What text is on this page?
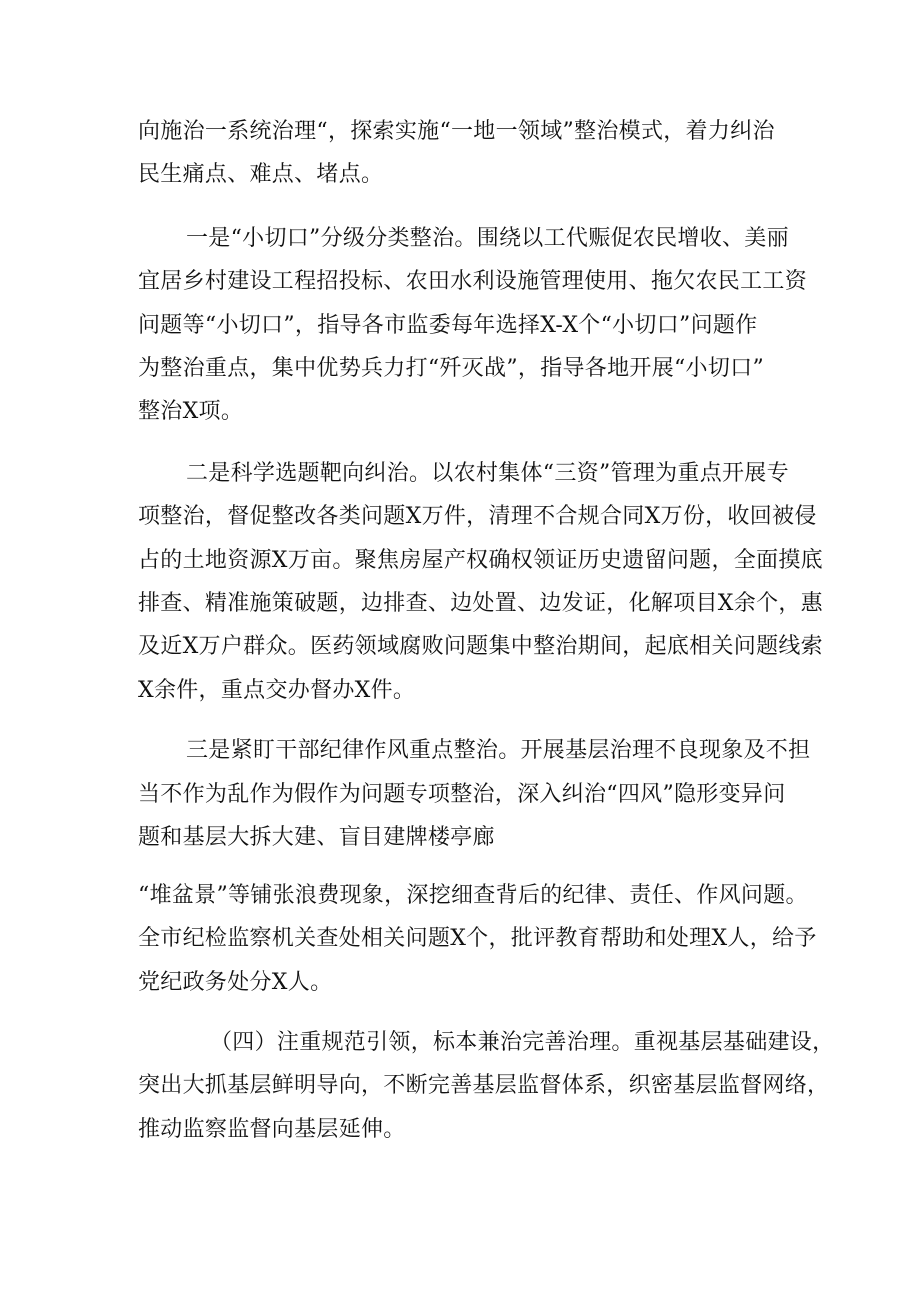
向施治一系统治理“，探索实施“一地一领域”整治模式，着力纠治
民生痛点、难点、堵点。
一是“小切口”分级分类整治。围绕以工代赈促农民增收、美丽
宜居乡村建设工程招投标、农田水利设施管理使用、拖欠农民工工资
问题等“小切口”，指导各市监委每年选择X-X个“小切口”问题作
为整治重点，集中优势兵力打“歼灭战”，指导各地开展“小切口”
整治X项。
二是科学选题靶向纠治。以农村集体“三资”管理为重点开展专
项整治，督促整改各类问题X万件，清理不合规合同X万份，收回被侵
占的土地资源X万亩。聚焦房屋产权确权领证历史遗留问题，全面摸底
排查、精准施策破题，边排查、边处置、边发证，化解项目X余个，惠
及近X万户群众。医药领域腐败问题集中整治期间，起底相关问题线索
X余件，重点交办督办X件。
三是紧盯干部纪律作风重点整治。开展基层治理不良现象及不担
当不作为乱作为假作为问题专项整治，深入纠治“四风”隐形变异问
题和基层大拆大建、盲目建牌楼亭廊
“堆盆景”等铺张浪费现象，深挖细查背后的纪律、责任、作风问题。
全市纪检监察机关查处相关问题X个，批评教育帮助和处理X人，给予
党纪政务处分X人。
（四）注重规范引领，标本兼治完善治理。重视基层基础建设，
突出大抓基层鲜明导向，不断完善基层监督体系，织密基层监督网络，
推动监察监督向基层延伸。
